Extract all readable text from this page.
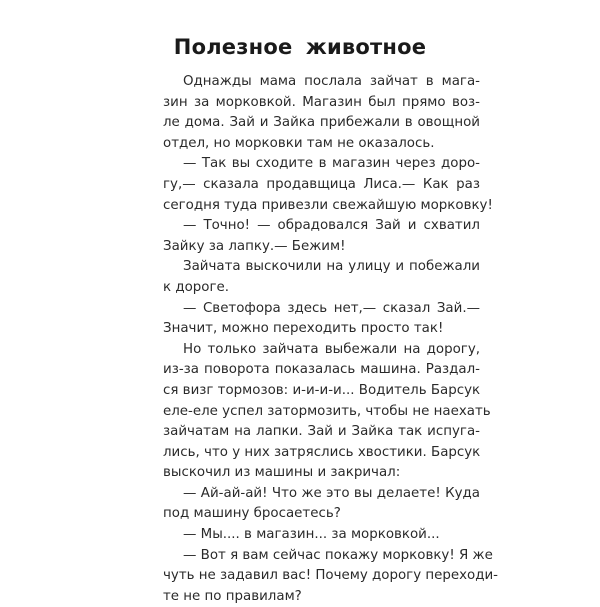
Полезное животное
Однажды мама послала зайчат в мага-
зин за морковкой. Магазин был прямо воз-
ле дома. Зай и Зайка прибежали в овощной
отдел, но морковки там не оказалось.
— Так вы сходите в магазин через доро-
гу,— сказала продавщица Лиса.— Как раз
сегодня туда привезли свежайшую морковку!
— Точно! — обрадовался Зай и схватил
Зайку за лапку.— Бежим!
Зайчата выскочили на улицу и побежали
к дороге.
— Светофора здесь нет,— сказал Зай.—
Значит, можно переходить просто так!
Но только зайчата выбежали на дорогу,
из-за поворота показалась машина. Раздал-
ся визг тормозов: и-и-и-и... Водитель Барсук
еле-еле успел затормозить, чтобы не наехать
зайчатам на лапки. Зай и Зайка так испуга-
лись, что у них затряслись хвостики. Барсук
выскочил из машины и закричал:
— Ай-ай-ай! Что же это вы делаете! Куда
под машину бросаетесь?
— Мы.... в магазин... за морковкой...
— Вот я вам сейчас покажу морковку! Я же
чуть не задавил вас! Почему дорогу переходи-
те не по правилам?
